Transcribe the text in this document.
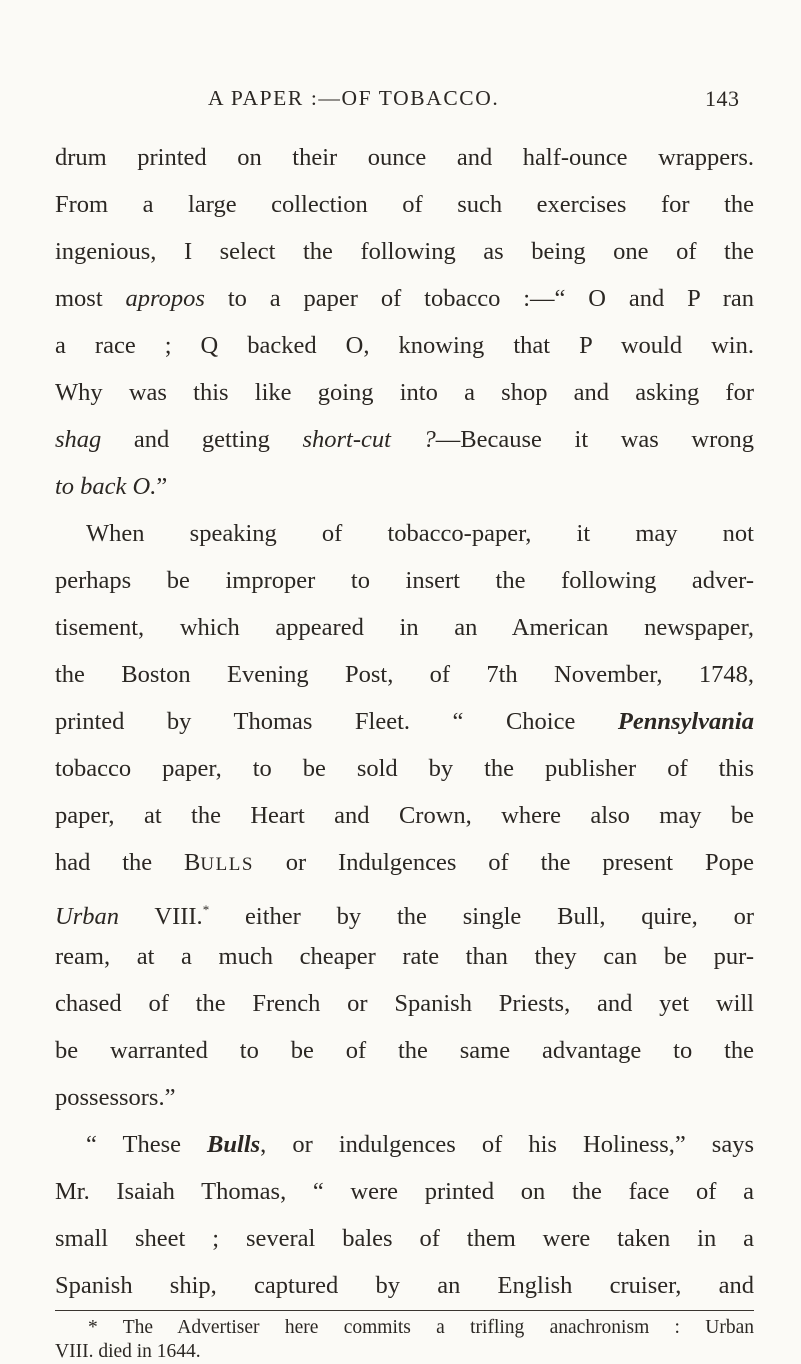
A PAPER :—OF TOBACCO.	143
drum printed on their ounce and half-ounce wrappers.
From a large collection of such exercises for the
ingenious, I select the following as being one of the
most apropos to a paper of tobacco :—“ O and P ran
a race ; Q backed O, knowing that P would win.
Why was this like going into a shop and asking for
shag and getting short-cut ?—Because it was wrong
to back O.”
When speaking of tobacco-paper, it may not
perhaps be improper to insert the following adver-
tisement, which appeared in an American newspaper,
the Boston Evening Post, of 7th November, 1748,
printed by Thomas Fleet. “ Choice Pennsylvania
tobacco paper, to be sold by the publisher of this
paper, at the Heart and Crown, where also may be
had the BULLS or Indulgences of the present Pope
Urban VIII.* either by the single Bull, quire, or
ream, at a much cheaper rate than they can be pur-
chased of the French or Spanish Priests, and yet will
be warranted to be of the same advantage to the
possessors.”
“ These Bulls, or indulgences of his Holiness,” says
Mr. Isaiah Thomas, “ were printed on the face of a
small sheet ; several bales of them were taken in a
Spanish ship, captured by an English cruiser, and
* The Advertiser here commits a trifling anachronism : Urban
VIII. died in 1644.
